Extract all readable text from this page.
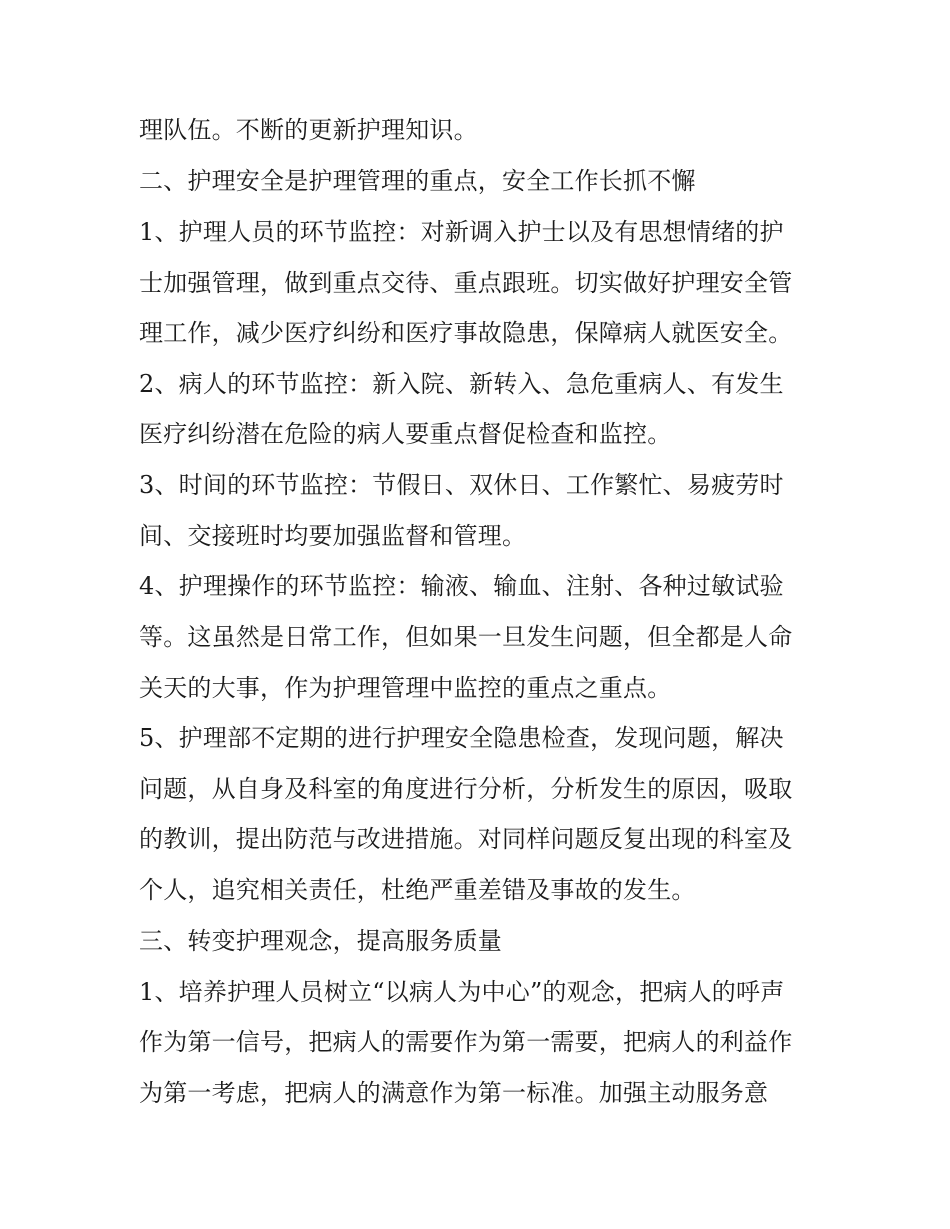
理队伍。不断的更新护理知识。
二、护理安全是护理管理的重点，安全工作长抓不懈
1、护理人员的环节监控：对新调入护士以及有思想情绪的护
士加强管理，做到重点交待、重点跟班。切实做好护理安全管
理工作，减少医疗纠纷和医疗事故隐患，保障病人就医安全。
2、病人的环节监控：新入院、新转入、急危重病人、有发生
医疗纠纷潜在危险的病人要重点督促检查和监控。
3、时间的环节监控：节假日、双休日、工作繁忙、易疲劳时
间、交接班时均要加强监督和管理。
4、护理操作的环节监控：输液、输血、注射、各种过敏试验
等。这虽然是日常工作，但如果一旦发生问题，但全都是人命
关天的大事，作为护理管理中监控的重点之重点。
5、护理部不定期的进行护理安全隐患检查，发现问题，解决
问题，从自身及科室的角度进行分析，分析发生的原因，吸取
的教训，提出防范与改进措施。对同样问题反复出现的科室及
个人，追究相关责任，杜绝严重差错及事故的发生。
三、转变护理观念，提高服务质量
1、培养护理人员树立“以病人为中心”的观念，把病人的呼声
作为第一信号，把病人的需要作为第一需要，把病人的利益作
为第一考虑，把病人的满意作为第一标准。加强主动服务意
